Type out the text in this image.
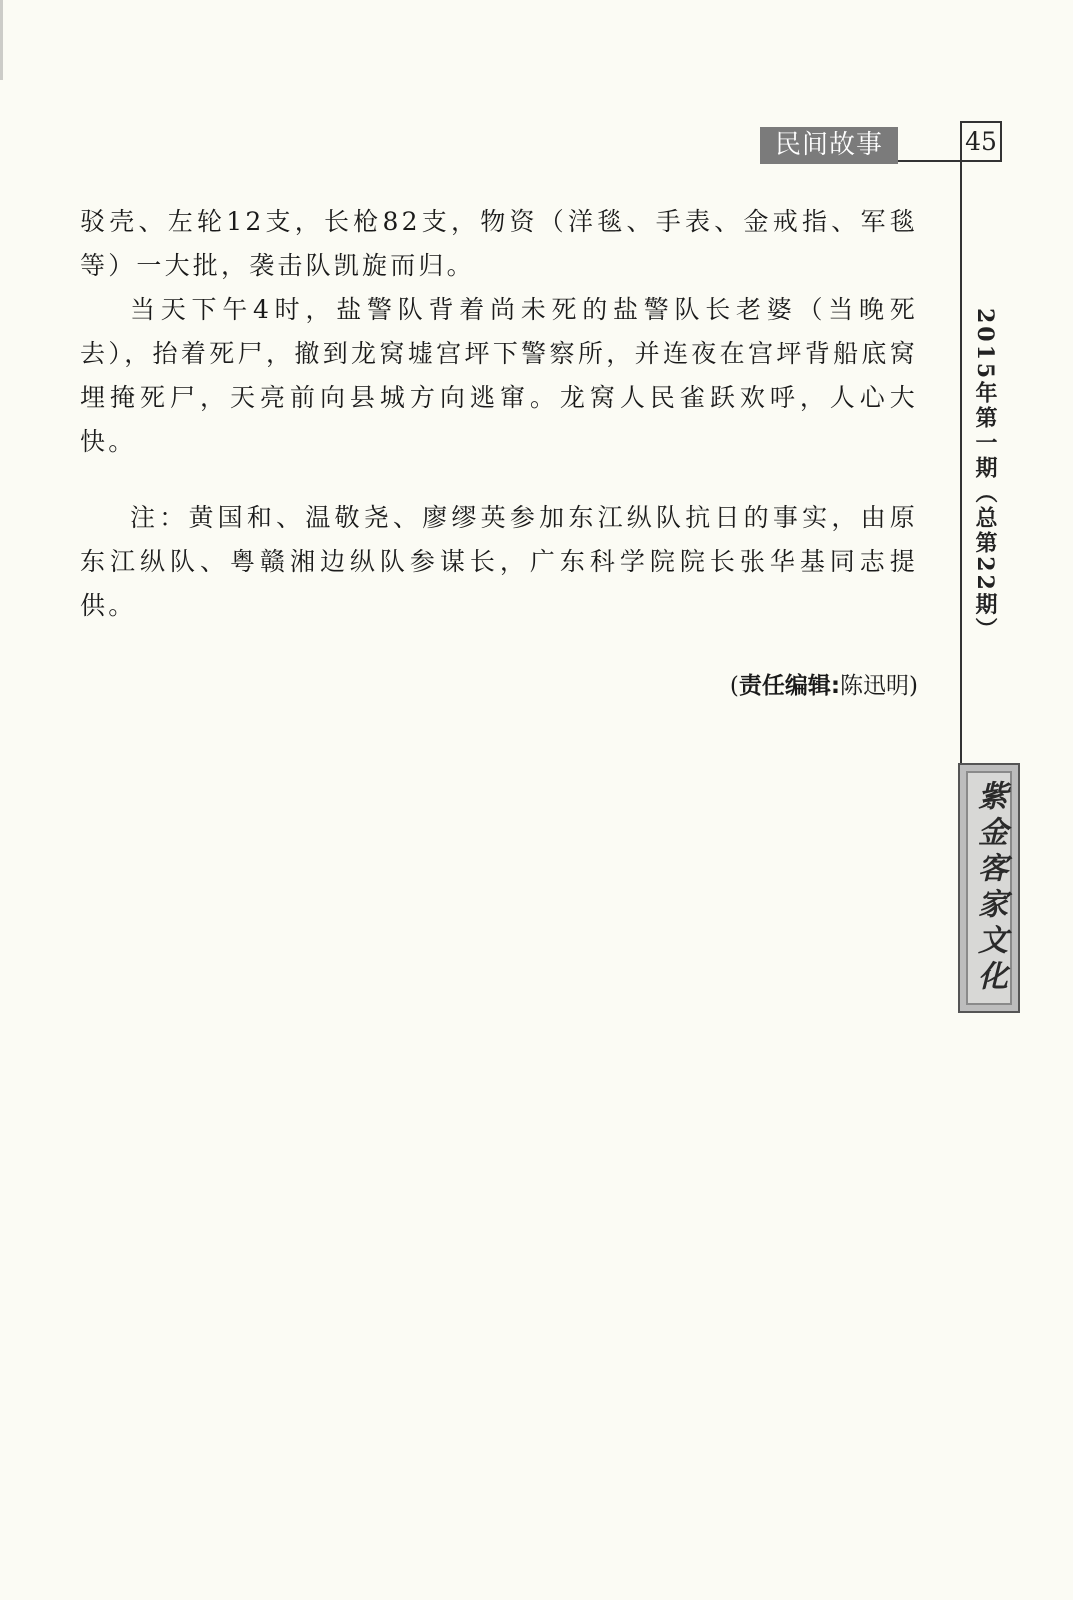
民间故事	45
2015年第一期（总第22期）
紫金客家文化

驳壳、左轮12支，长枪82支，物资（洋毯、手表、金戒指、军毯等）一大批，袭击队凯旋而归。

当天下午4时，盐警队背着尚未死的盐警队长老婆（当晚死去），抬着死尸，撤到龙窝墟宫坪下警察所，并连夜在宫坪背船底窝埋掩死尸，天亮前向县城方向逃窜。龙窝人民雀跃欢呼，人心大快。

注：黄国和、温敬尧、廖缪英参加东江纵队抗日的事实，由原东江纵队、粤赣湘边纵队参谋长，广东科学院院长张华基同志提供。

(责任编辑:陈迅明)
